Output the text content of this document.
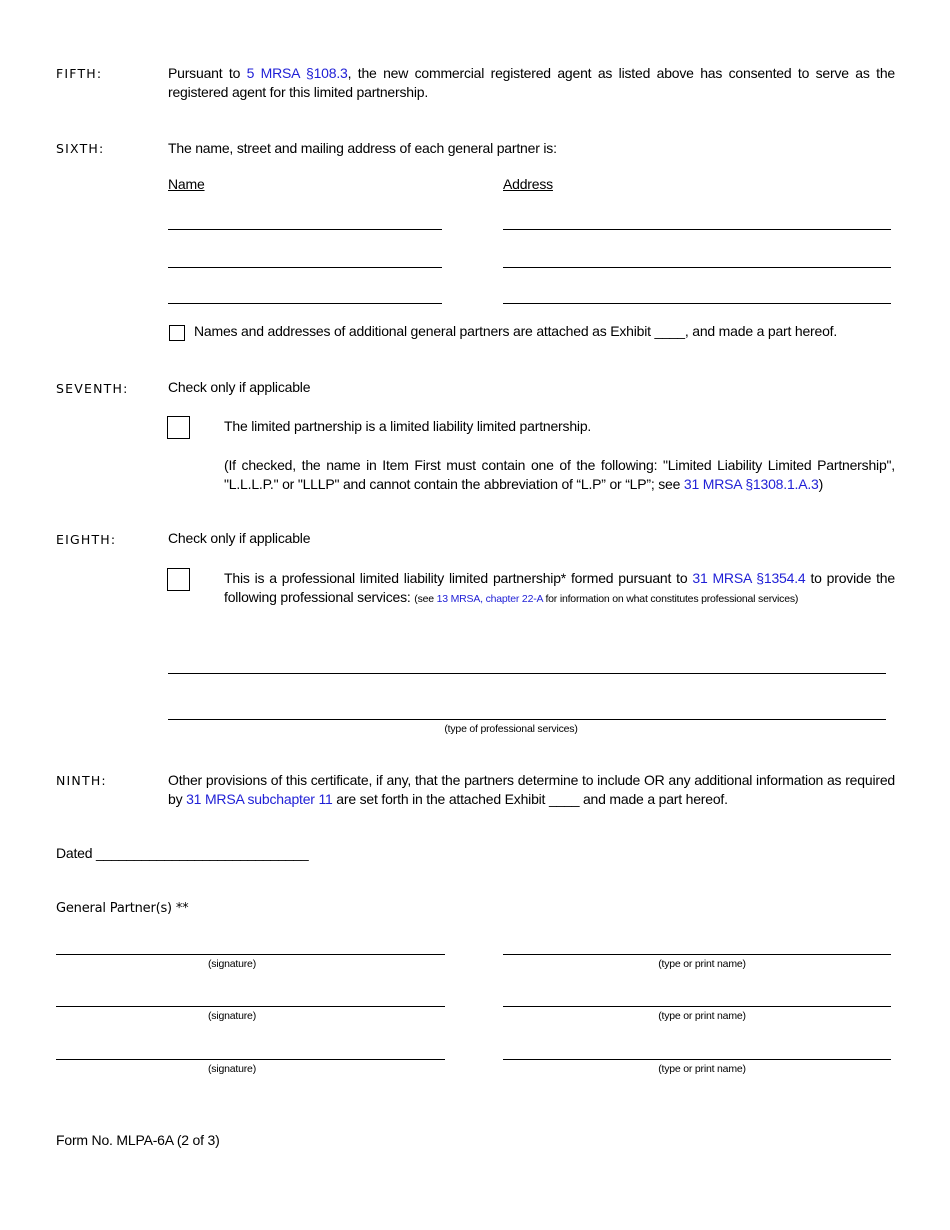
FIFTH:	Pursuant to 5 MRSA §108.3, the new commercial registered agent as listed above has consented to serve as the registered agent for this limited partnership.
SIXTH:	The name, street and mailing address of each general partner is:
Name	Address
Names and addresses of additional general partners are attached as Exhibit ____, and made a part hereof.
SEVENTH:	Check only if applicable
The limited partnership is a limited liability limited partnership.
(If checked, the name in Item First must contain one of the following: "Limited Liability Limited Partnership", "L.L.L.P." or "LLLP" and cannot contain the abbreviation of “L.P” or “LP”; see 31 MRSA §1308.1.A.3)
EIGHTH:	Check only if applicable
This is a professional limited liability limited partnership* formed pursuant to 31 MRSA §1354.4 to provide the following professional services: (see 13 MRSA, chapter 22-A for information on what constitutes professional services)
(type of professional services)
NINTH:	Other provisions of this certificate, if any, that the partners determine to include OR any additional information as required by 31 MRSA subchapter 11 are set forth in the attached Exhibit ____ and made a part hereof.
Dated ____________________________
General Partner(s) **
(signature)	(type or print name)
(signature)	(type or print name)
(signature)	(type or print name)
Form No. MLPA-6A (2 of 3)
